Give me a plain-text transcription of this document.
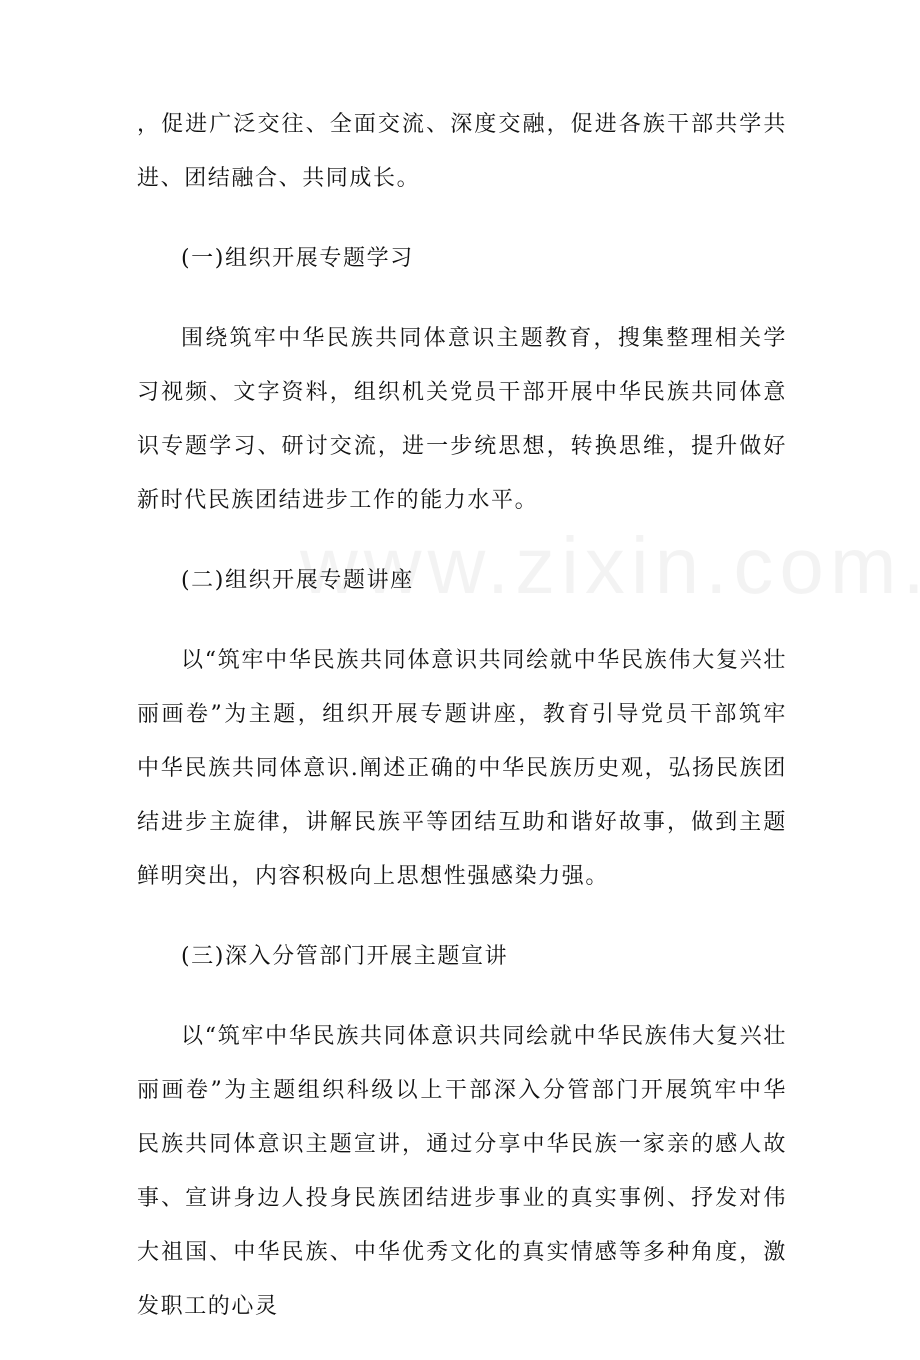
，促进广泛交往、全面交流、深度交融，促进各族干部共学共进、团结融合、共同成长。

(一)组织开展专题学习

围绕筑牢中华民族共同体意识主题教育，搜集整理相关学习视频、文字资料，组织机关党员干部开展中华民族共同体意识专题学习、研讨交流，进一步统思想，转换思维，提升做好新时代民族团结进步工作的能力水平。

(二)组织开展专题讲座

以“筑牢中华民族共同体意识共同绘就中华民族伟大复兴壮丽画卷”为主题，组织开展专题讲座，教育引导党员干部筑牢中华民族共同体意识.阐述正确的中华民族历史观，弘扬民族团结进步主旋律，讲解民族平等团结互助和谐好故事，做到主题鲜明突出，内容积极向上思想性强感染力强。

(三)深入分管部门开展主题宣讲

以“筑牢中华民族共同体意识共同绘就中华民族伟大复兴壮丽画卷”为主题组织科级以上干部深入分管部门开展筑牢中华民族共同体意识主题宣讲，通过分享中华民族一家亲的感人故事、宣讲身边人投身民族团结进步事业的真实事例、抒发对伟大祖国、中华民族、中华优秀文化的真实情感等多种角度，激发职工的心灵
